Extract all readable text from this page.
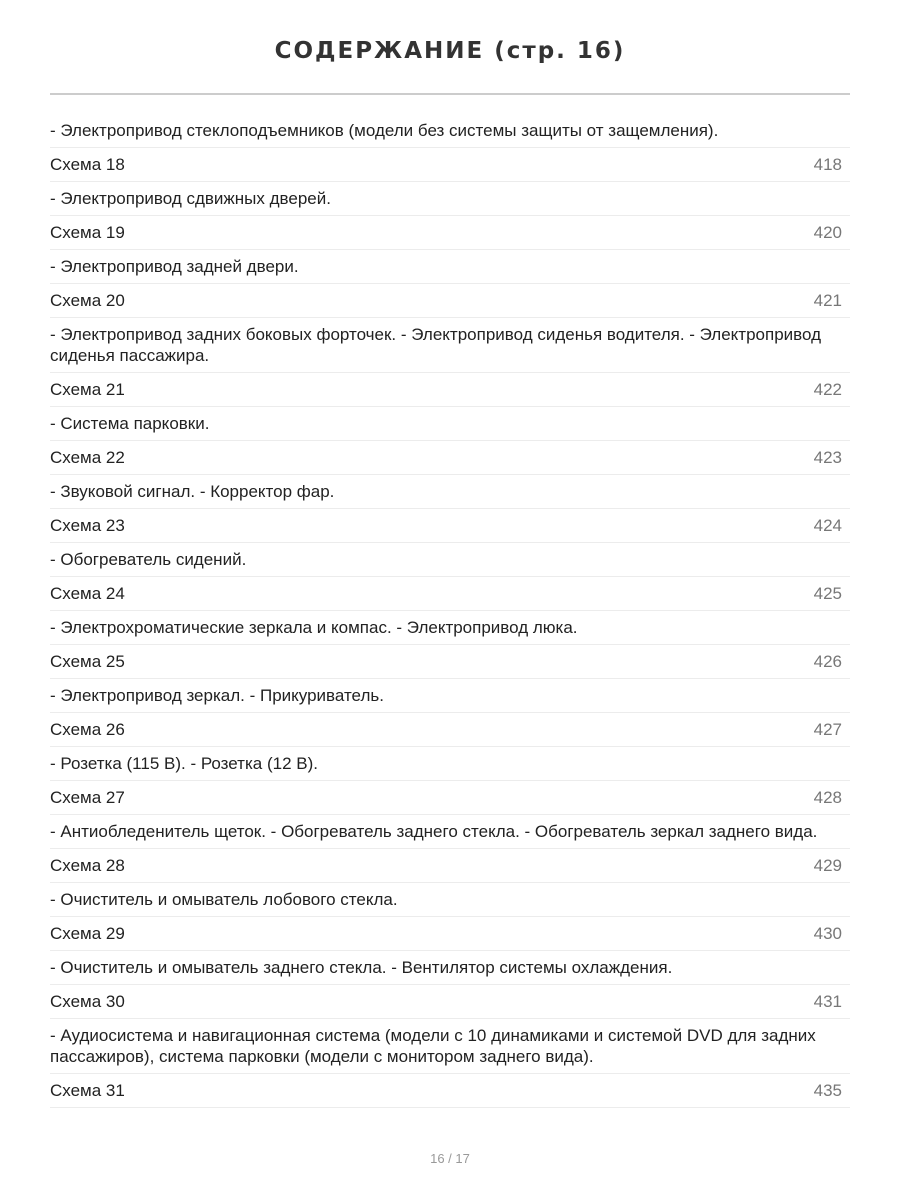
СОДЕРЖАНИЕ (стр. 16)
- Электропривод стеклоподъемников (модели без системы защиты от защемления).
Схема 18	418
- Электропривод сдвижных дверей.
Схема 19	420
- Электропривод задней двери.
Схема 20	421
- Электропривод задних боковых форточек. - Электропривод сиденья водителя. - Электропривод сиденья пассажира.
Схема 21	422
- Система парковки.
Схема 22	423
- Звуковой сигнал. - Корректор фар.
Схема 23	424
- Обогреватель сидений.
Схема 24	425
- Электрохроматические зеркала и компас. - Электропривод люка.
Схема 25	426
- Электропривод зеркал. - Прикуриватель.
Схема 26	427
- Розетка (115 В). - Розетка (12 В).
Схема 27	428
- Антиобледенитель щеток. - Обогреватель заднего стекла. - Обогреватель зеркал заднего вида.
Схема 28	429
- Очиститель и омыватель лобового стекла.
Схема 29	430
- Очиститель и омыватель заднего стекла. - Вентилятор системы охлаждения.
Схема 30	431
- Аудиосистема и навигационная система (модели с 10 динамиками и системой DVD для задних пассажиров), система парковки (модели с монитором заднего вида).
Схема 31	435
16 / 17
